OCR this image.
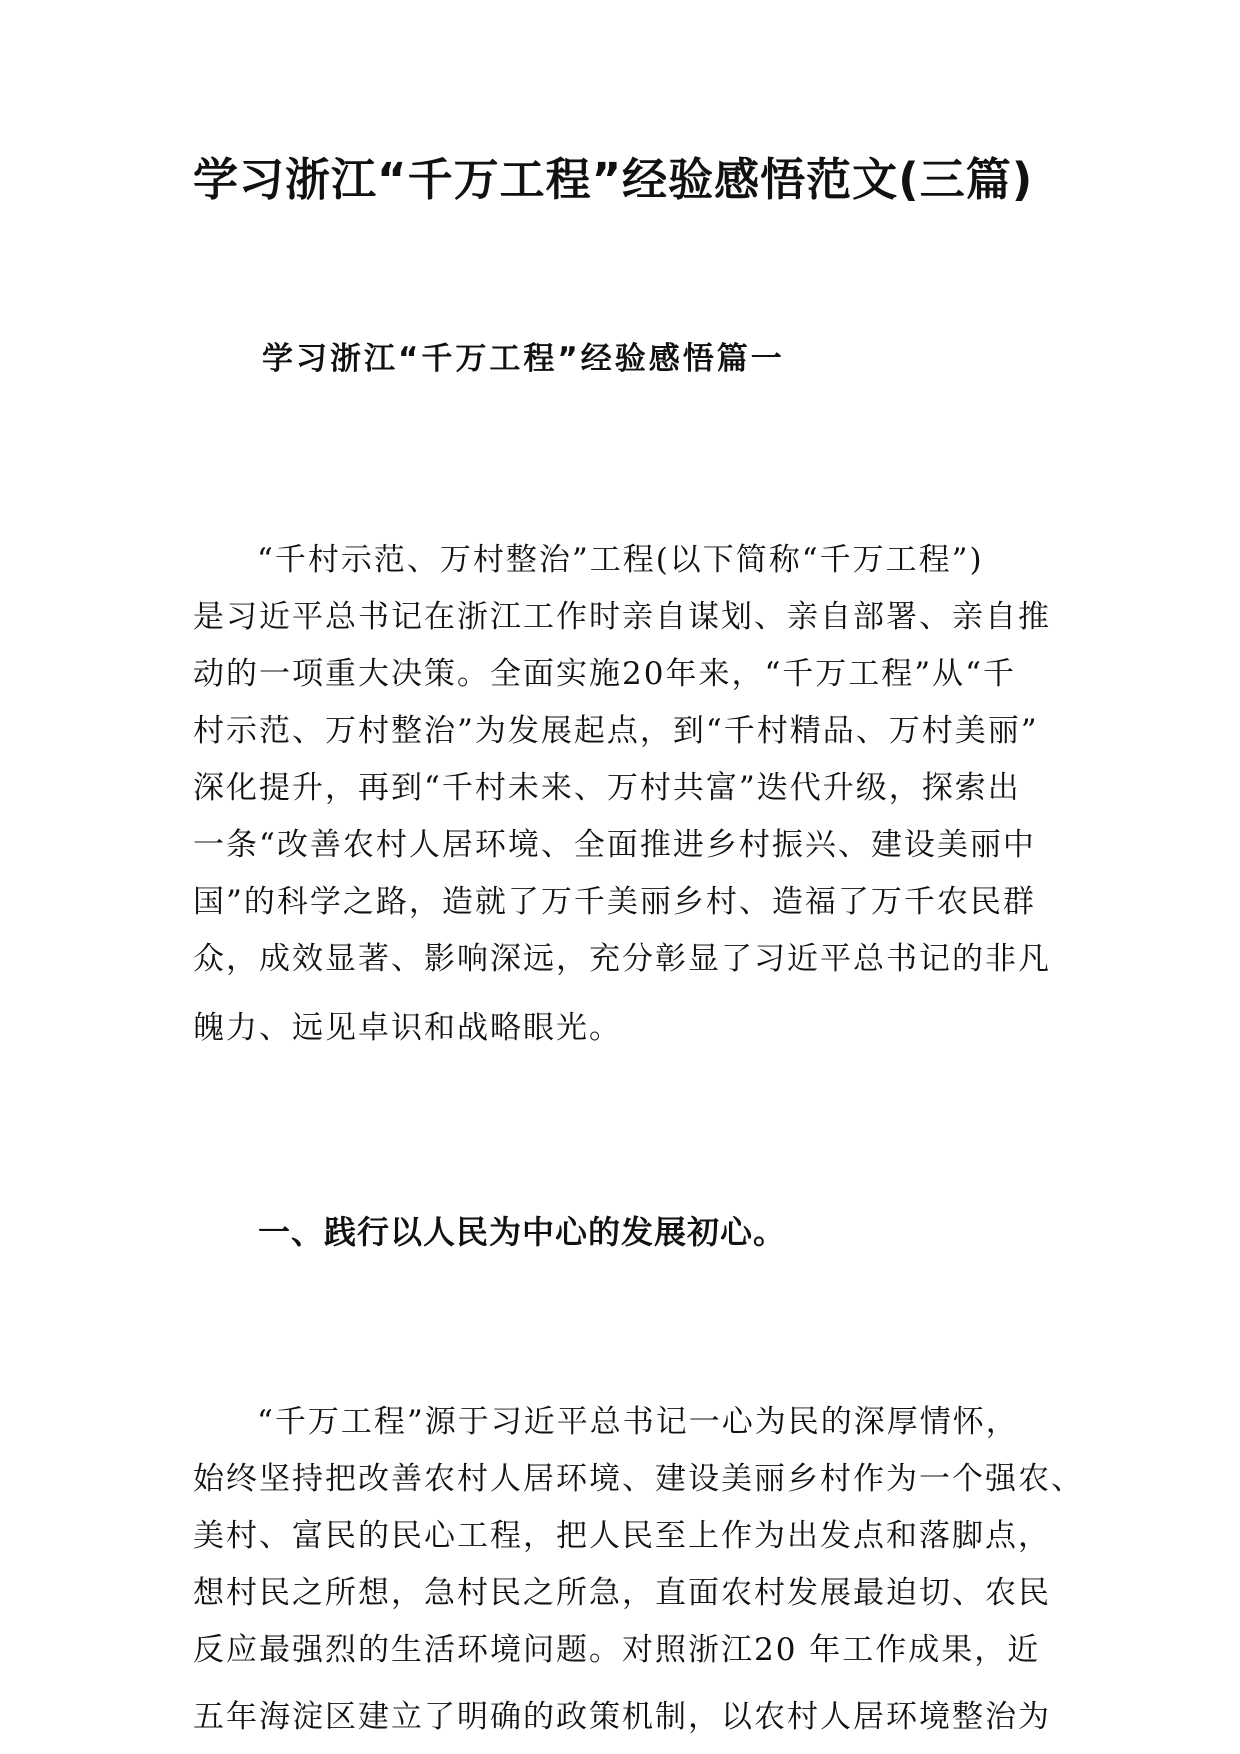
学习浙江“千万工程”经验感悟范文(三篇)
学习浙江“千万工程”经验感悟篇一
“千村示范、万村整治”工程(以下简称“千万工程”)
是习近平总书记在浙江工作时亲自谋划、亲自部署、亲自推
动的一项重大决策。全面实施20年来，“千万工程”从“千
村示范、万村整治”为发展起点，到“千村精品、万村美丽”
深化提升，再到“千村未来、万村共富”迭代升级，探索出
一条“改善农村人居环境、全面推进乡村振兴、建设美丽中
国”的科学之路，造就了万千美丽乡村、造福了万千农民群
众，成效显著、影响深远，充分彰显了习近平总书记的非凡
魄力、远见卓识和战略眼光。
一、践行以人民为中心的发展初心。
“千万工程”源于习近平总书记一心为民的深厚情怀，
始终坚持把改善农村人居环境、建设美丽乡村作为一个强农、
美村、富民的民心工程，把人民至上作为出发点和落脚点，
想村民之所想，急村民之所急，直面农村发展最迫切、农民
反应最强烈的生活环境问题。对照浙江20 年工作成果，近
五年海淀区建立了明确的政策机制，以农村人居环境整治为
